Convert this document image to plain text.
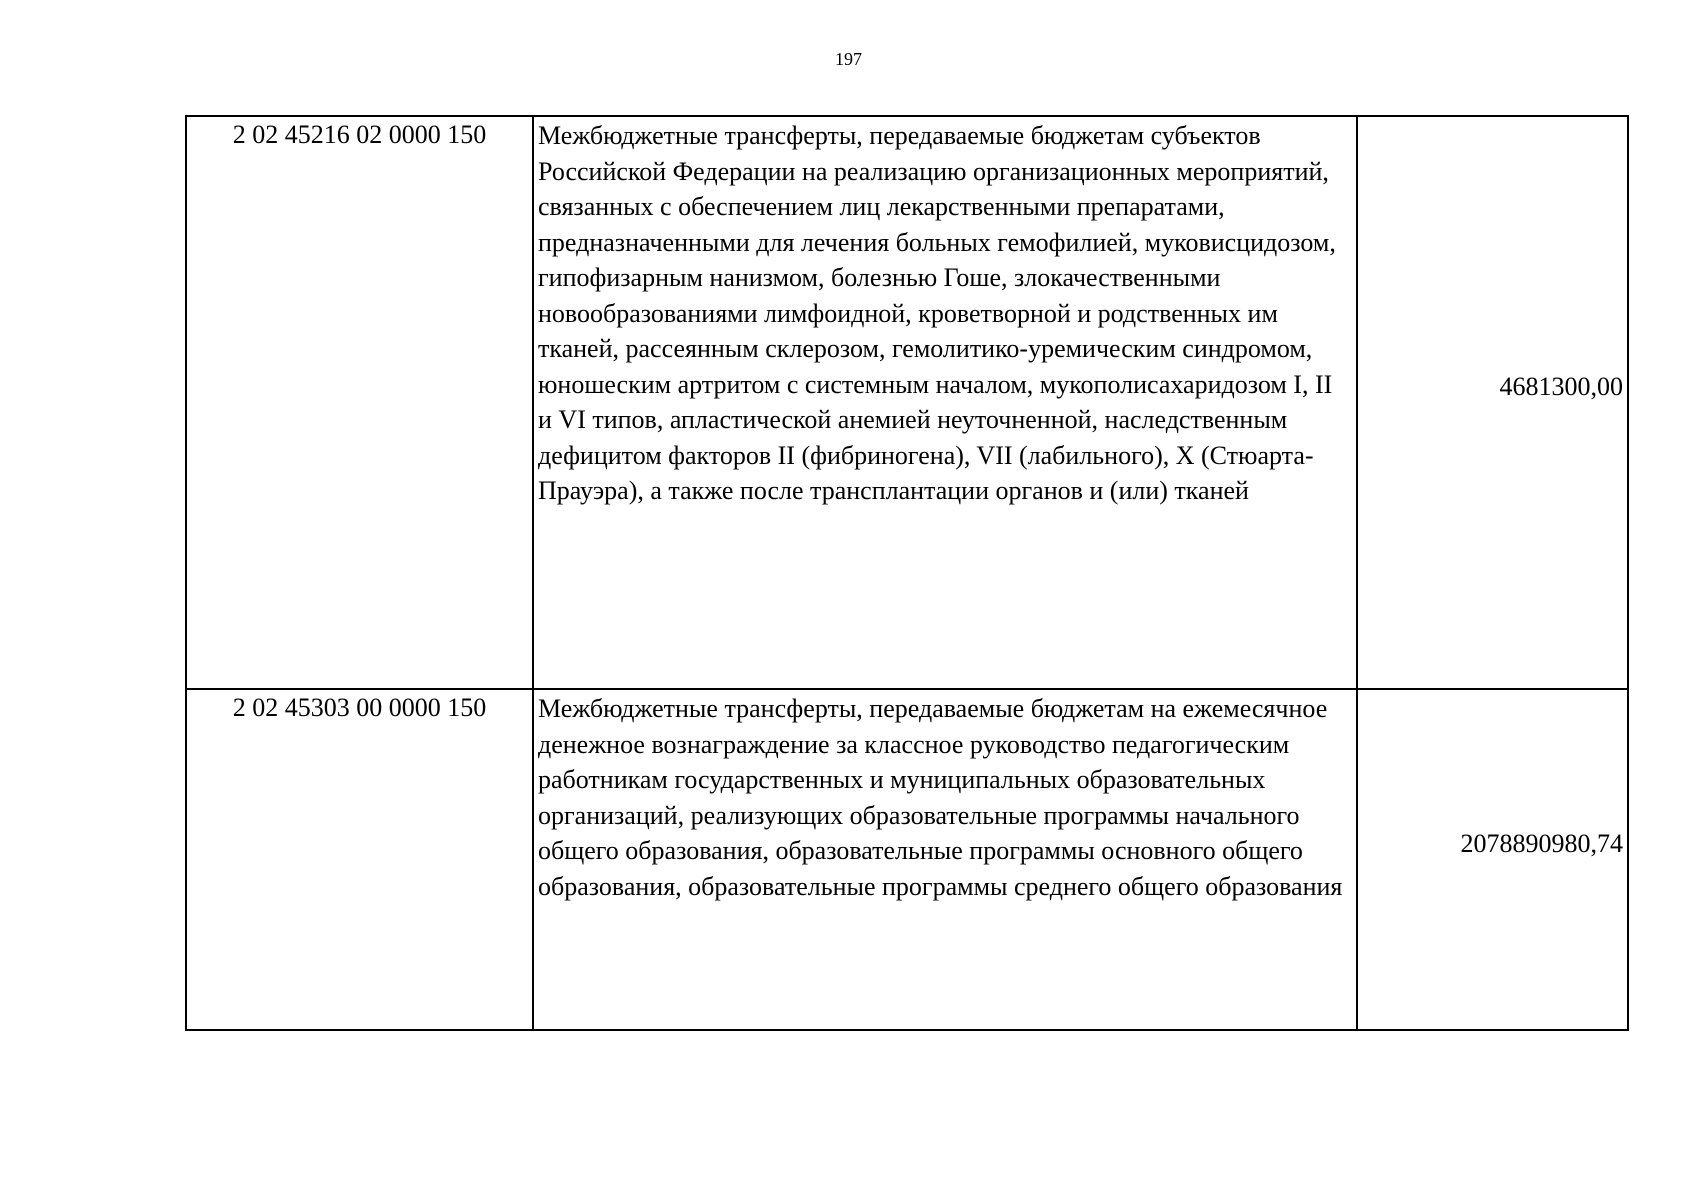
197
2 02 45216 02 0000 150	Межбюджетные трансферты, передаваемые бюджетам субъектов Российской Федерации на реализацию организационных мероприятий, связанных с обеспечением лиц лекарственными препаратами, предназначенными для лечения больных гемофилией, муковисцидозом, гипофизарным нанизмом, болезнью Гоше, злокачественными новообразованиями лимфоидной, кроветворной и родственных им тканей, рассеянным склерозом, гемолитико-уремическим синдромом, юношеским артритом с системным началом, мукополисахаридозом I, II и VI типов, апластической анемией неуточненной, наследственным дефицитом факторов II (фибриногена), VII (лабильного), X (Стюарта-Прауэра), а также после трансплантации органов и (или) тканей	4681300,00
2 02 45303 00 0000 150	Межбюджетные трансферты, передаваемые бюджетам на ежемесячное денежное вознаграждение за классное руководство педагогическим работникам государственных и муниципальных образовательных организаций, реализующих образовательные программы начального общего образования, образовательные программы основного общего образования, образовательные программы среднего общего образования	2078890980,74
